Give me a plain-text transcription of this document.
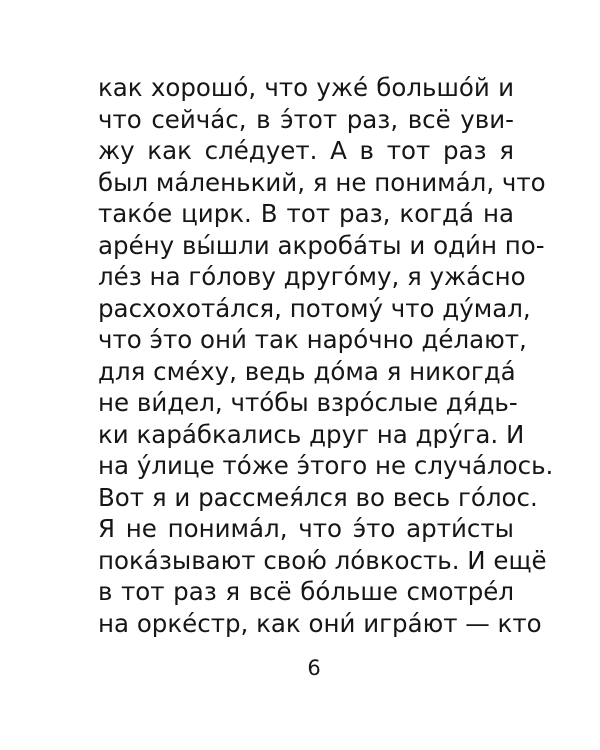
как хорошо́, что уже́ большо́й и
что сейча́с, в э́тот раз, всё уви-
жу как сле́дует. А в тот раз я
был ма́ленький, я не понима́л, что
тако́е цирк. В тот раз, когда́ на
аре́ну вы́шли акроба́ты и оди́н по-
ле́з на го́лову друго́му, я ужа́сно
расхохота́лся, потому́ что ду́мал,
что э́то они́ так наро́чно де́лают,
для сме́ху, ведь до́ма я никогда́
не ви́дел, что́бы взро́слые дя́дь-
ки кара́бкались друг на дру́га. И
на у́лице то́же э́того не случа́лось.
Вот я и рассмея́лся во весь го́лос.
Я не понима́л, что э́то арти́сты
пока́зывают свою́ ло́вкость. И ещё
в тот раз я всё бо́льше смотре́л
на орке́стр, как они́ игра́ют — кто
6
